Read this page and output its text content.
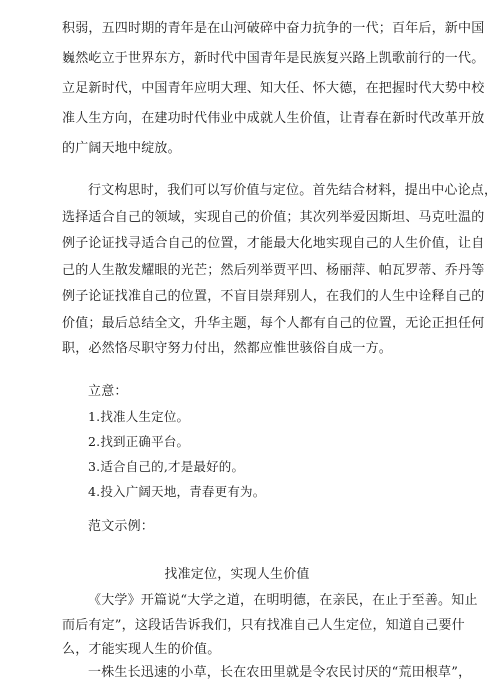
积弱，五四时期的青年是在山河破碎中奋力抗争的一代；百年后，新中国
巍然屹立于世界东方，新时代中国青年是民族复兴路上凯歌前行的一代。
立足新时代，中国青年应明大理、知大任、怀大德，在把握时代大势中校
准人生方向，在建功时代伟业中成就人生价值，让青春在新时代改革开放
的广阔天地中绽放。
行文构思时，我们可以写价值与定位。首先结合材料，提出中心论点，
选择适合自己的领域，实现自己的价值；其次列举爱因斯坦、马克吐温的
例子论证找寻适合自己的位置，才能最大化地实现自己的人生价值，让自
己的人生散发耀眼的光芒；然后列举贾平凹、杨丽萍、帕瓦罗蒂、乔丹等
例子论证找准自己的位置，不盲目崇拜别人，在我们的人生中诠释自己的
价值；最后总结全文，升华主题，每个人都有自己的位置，无论正担任何
职，必然恪尽职守努力付出，然都应惟世骇俗自成一方。
立意：
1.找准人生定位。
2.找到正确平台。
3.适合自己的,才是最好的。
4.投入广阔天地，青春更有为。
范文示例：
找准定位，实现人生价值
《大学》开篇说“大学之道，在明明德，在亲民，在止于至善。知止
而后有定”，这段话告诉我们，只有找准自己人生定位，知道自己要什
么，才能实现人生的价值。
一株生长迅速的小草，长在农田里就是令农民讨厌的“荒田根草”，
